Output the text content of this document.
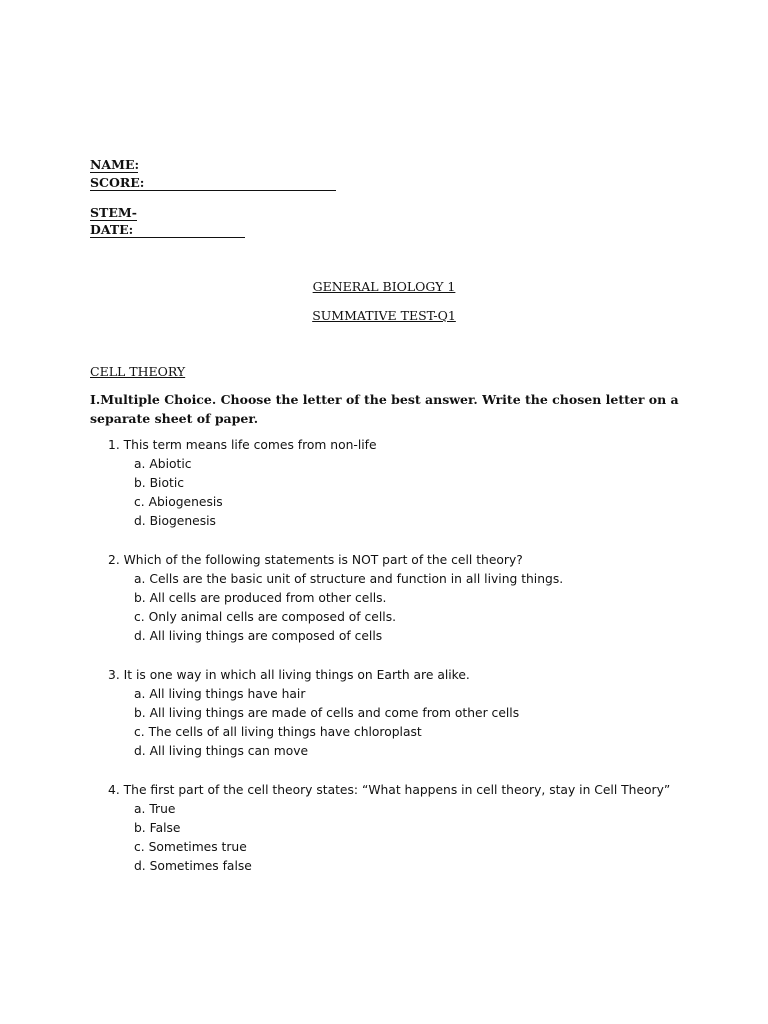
NAME:

SCORE:

STEM-

DATE:

GENERAL BIOLOGY 1

SUMMATIVE TEST-Q1

CELL THEORY

I.Multiple Choice. Choose the letter of the best answer. Write the chosen letter on a separate sheet of paper.

1. This term means life comes from non-life
a. Abiotic
b. Biotic
c. Abiogenesis
d. Biogenesis
2. Which of the following statements is NOT part of the cell theory?
a. Cells are the basic unit of structure and function in all living things.
b. All cells are produced from other cells.
c. Only animal cells are composed of cells.
d. All living things are composed of cells
3. It is one way in which all living things on Earth are alike.
a. All living things have hair
b. All living things are made of cells and come from other cells
c. The cells of all living things have chloroplast
d. All living things can move
4. The first part of the cell theory states: “What happens in cell theory, stay in Cell Theory”
a. True
b. False
c. Sometimes true
d. Sometimes false
